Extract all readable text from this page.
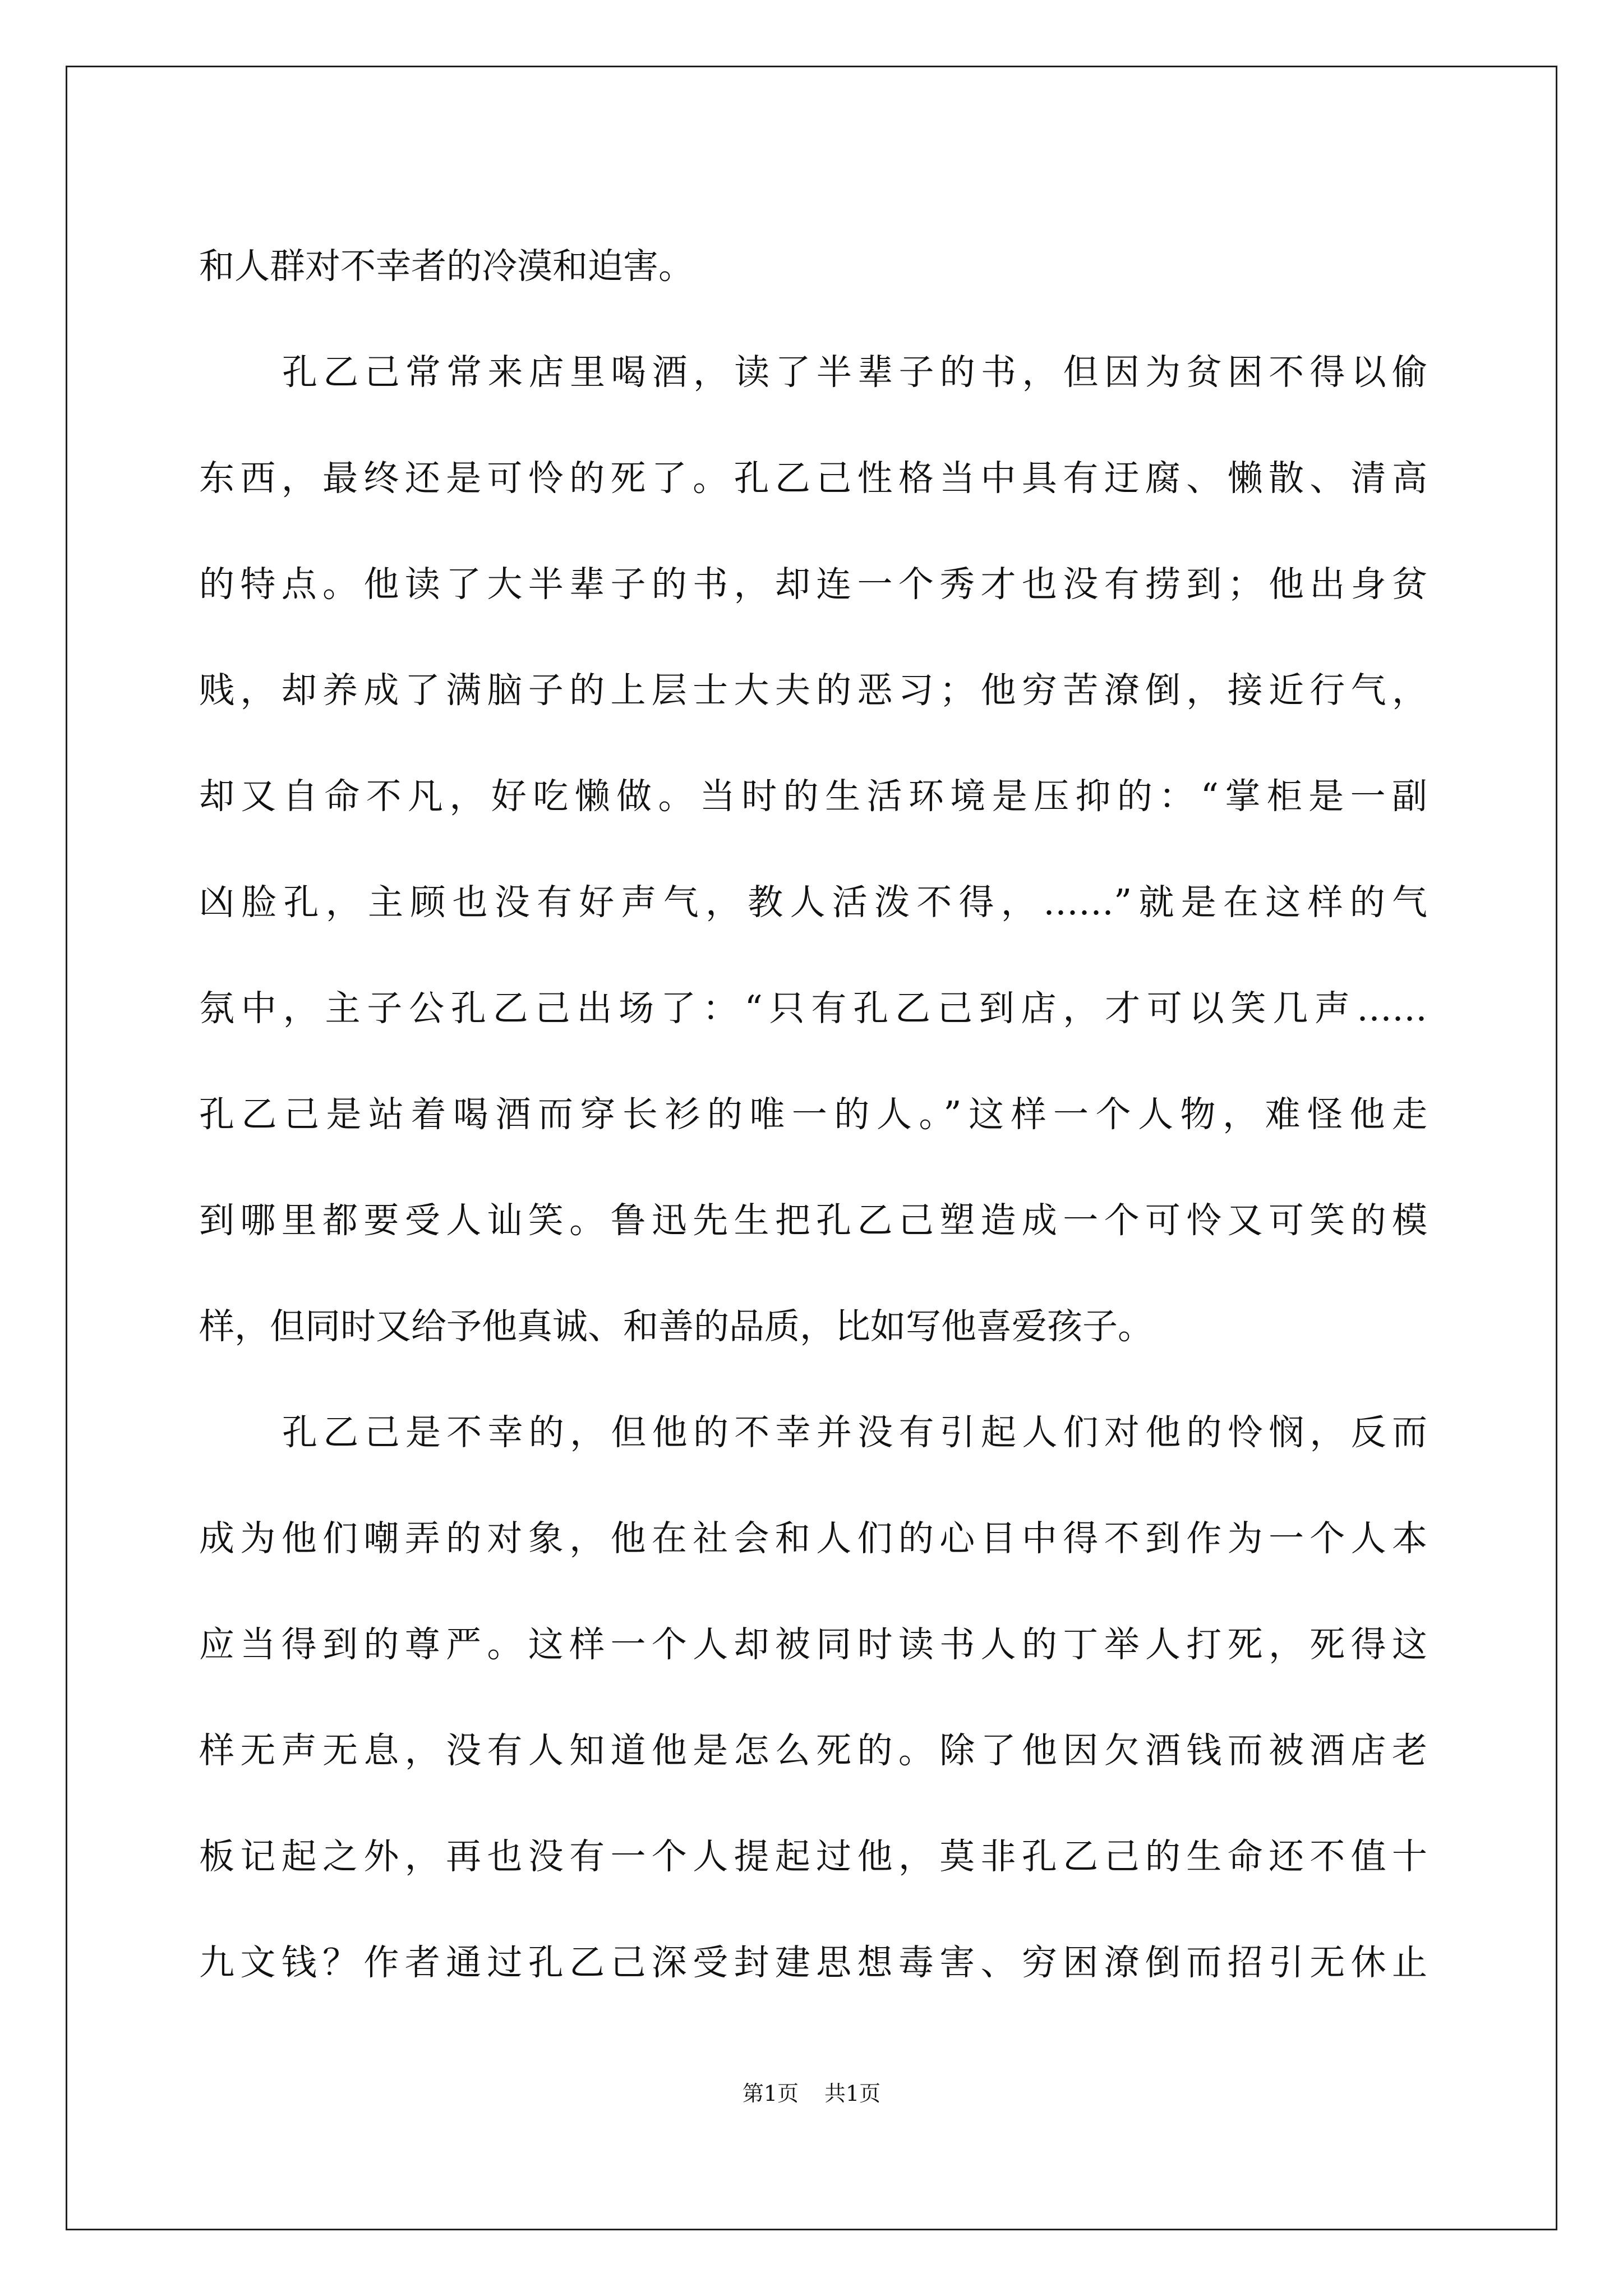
和人群对不幸者的冷漠和迫害。
孔乙己常常来店里喝酒，读了半辈子的书，但因为贫困不得以偷
东西，最终还是可怜的死了。孔乙己性格当中具有迂腐、懒散、清高
的特点。他读了大半辈子的书，却连一个秀才也没有捞到；他出身贫
贱，却养成了满脑子的上层士大夫的恶习；他穷苦潦倒，接近行气，
却又自命不凡，好吃懒做。当时的生活环境是压抑的：“掌柜是一副
凶脸孔，主顾也没有好声气，教人活泼不得，……”就是在这样的气
氛中，主子公孔乙己出场了：“只有孔乙己到店，才可以笑几声……
孔乙己是站着喝酒而穿长衫的唯一的人。”这样一个人物，难怪他走
到哪里都要受人讪笑。鲁迅先生把孔乙己塑造成一个可怜又可笑的模
样，但同时又给予他真诚、和善的品质，比如写他喜爱孩子。
孔乙己是不幸的，但他的不幸并没有引起人们对他的怜悯，反而
成为他们嘲弄的对象，他在社会和人们的心目中得不到作为一个人本
应当得到的尊严。这样一个人却被同时读书人的丁举人打死，死得这
样无声无息，没有人知道他是怎么死的。除了他因欠酒钱而被酒店老
板记起之外，再也没有一个人提起过他，莫非孔乙己的生命还不值十
九文钱？作者通过孔乙己深受封建思想毒害、穷困潦倒而招引无休止
第1页 共1页
